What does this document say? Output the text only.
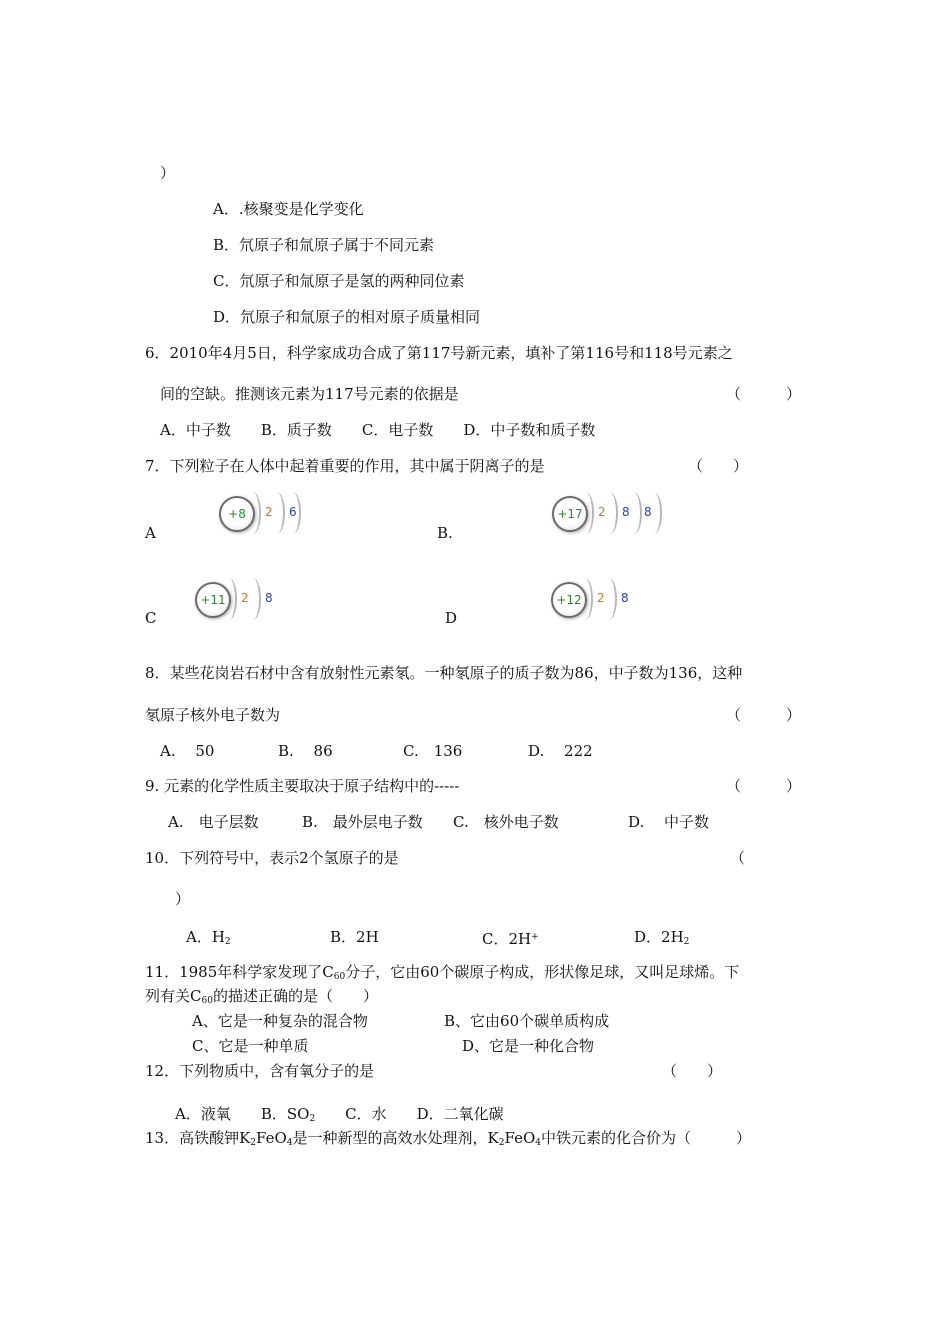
）
A．.核聚变是化学变化
B．氘原子和氚原子属于不同元素
C．氘原子和氚原子是氢的两种同位素
D．氘原子和氚原子的相对原子质量相同
6．2010年4月5日，科学家成功合成了第117号新元素，填补了第116号和118号元素之
间的空缺。推测该元素为117号元素的依据是	（　　　）
A．中子数　　B．质子数　　C．电子数　　D．中子数和质子数
7．下列粒子在人体中起着重要的作用，其中属于阴离子的是	（　　）
A
+8	2 6
B.
+17	2 8 8
C
+11	2 8
D
+12	2 8
8．某些花岗岩石材中含有放射性元素氡。一种氡原子的质子数为86，中子数为136，这种
氡原子核外电子数为	（　　　）
A.　 50	B.　 86	C.　136	D.　 222
9. 元素的化学性质主要取决于原子结构中的-----	（　　　）
A.　电子层数	B.　最外层电子数 C.　核外电子数	D.　 中子数
10．下列符号中，表示2个氢原子的是	（
）
A．$H_2$	B．2H	C．2H+	D．$2H_2$
11．1985年科学家发现了$C_{60}$分子，它由60个碳原子构成，形状像足球，又叫足球烯。下
列有关$C_{60}$的描述正确的是（　　）
A、它是一种复杂的混合物	B、它由60个碳单质构成
C、它是一种单质	D、它是一种化合物
12．下列物质中，含有氧分子的是	（　　）
A．液氧　　B．$SO_2$　　C．水　　D．二氧化碳
13．高铁酸钾$K_2FeO_4$是一种新型的高效水处理剂，$K_2FeO_4$中铁元素的化合价为（　　　）
